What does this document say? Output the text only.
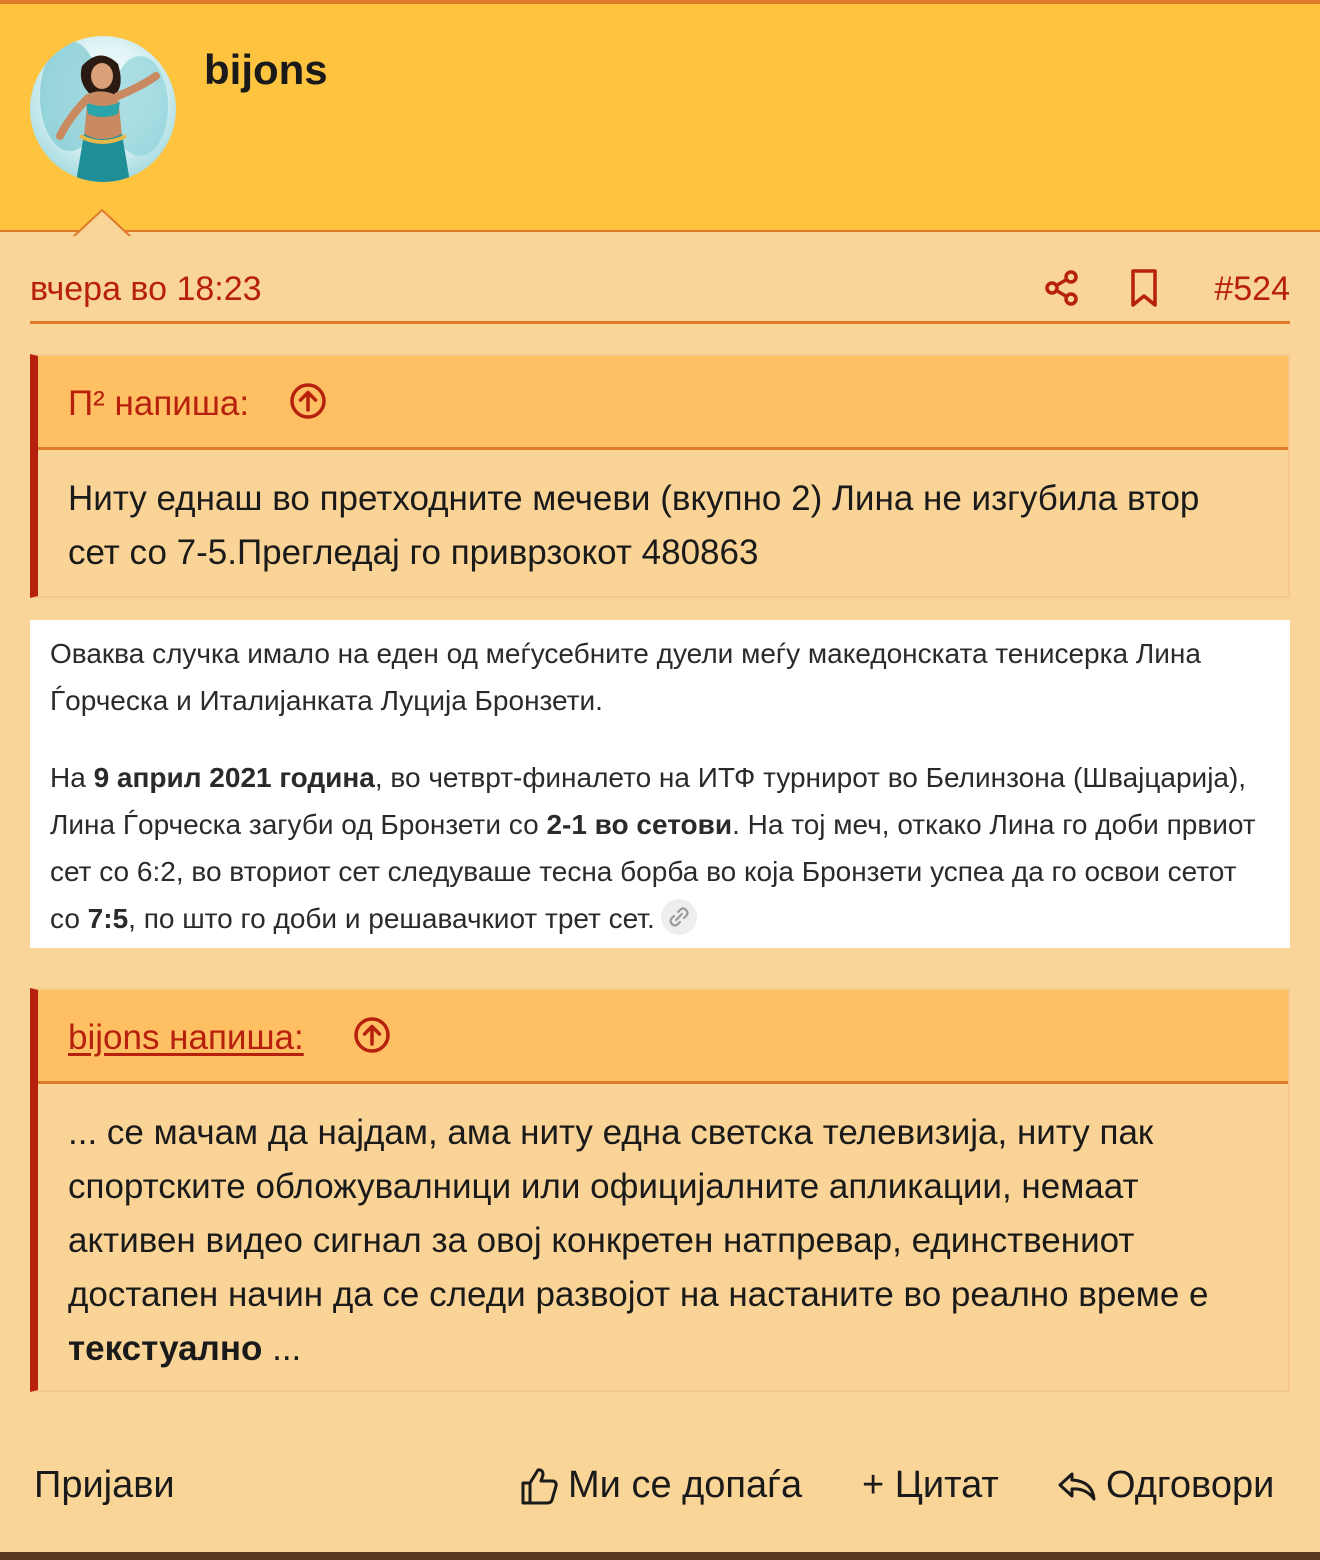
bijons
вчера во 18:23	#524
П² напиша:
Ниту еднаш во претходните мечеви (вкупно 2) Лина не изгубила втор сет со 7-5.Прегледај го приврзокот 480863

Оваква случка имало на еден од меѓусебните дуели меѓу македонската тенисерка Лина Ѓорческа и Италијанката Луција Бронзети.

На 9 април 2021 година, во четврт-финалето на ИТФ турнирот во Белинзона (Швајцарија), Лина Ѓорческа загуби од Бронзети со 2-1 во сетови. На тој меч, откако Лина го доби првиот сет со 6:2, во вториот сет следуваше тесна борба во која Бронзети успеа да го освои сетот со 7:5, по што го доби и решавачкиот трет сет.

bijons напиша:
... се мачам да најдам, ама ниту една светска телевизија, ниту пак спортските обложувалници или официјалните апликации, немаат активен видео сигнал за овој конкретен натпревар, единствениот достапен начин да се следи развојот на настаните во реално време е текстуално ...
Пријави	Ми се допаѓа + Цитат	Одговори
